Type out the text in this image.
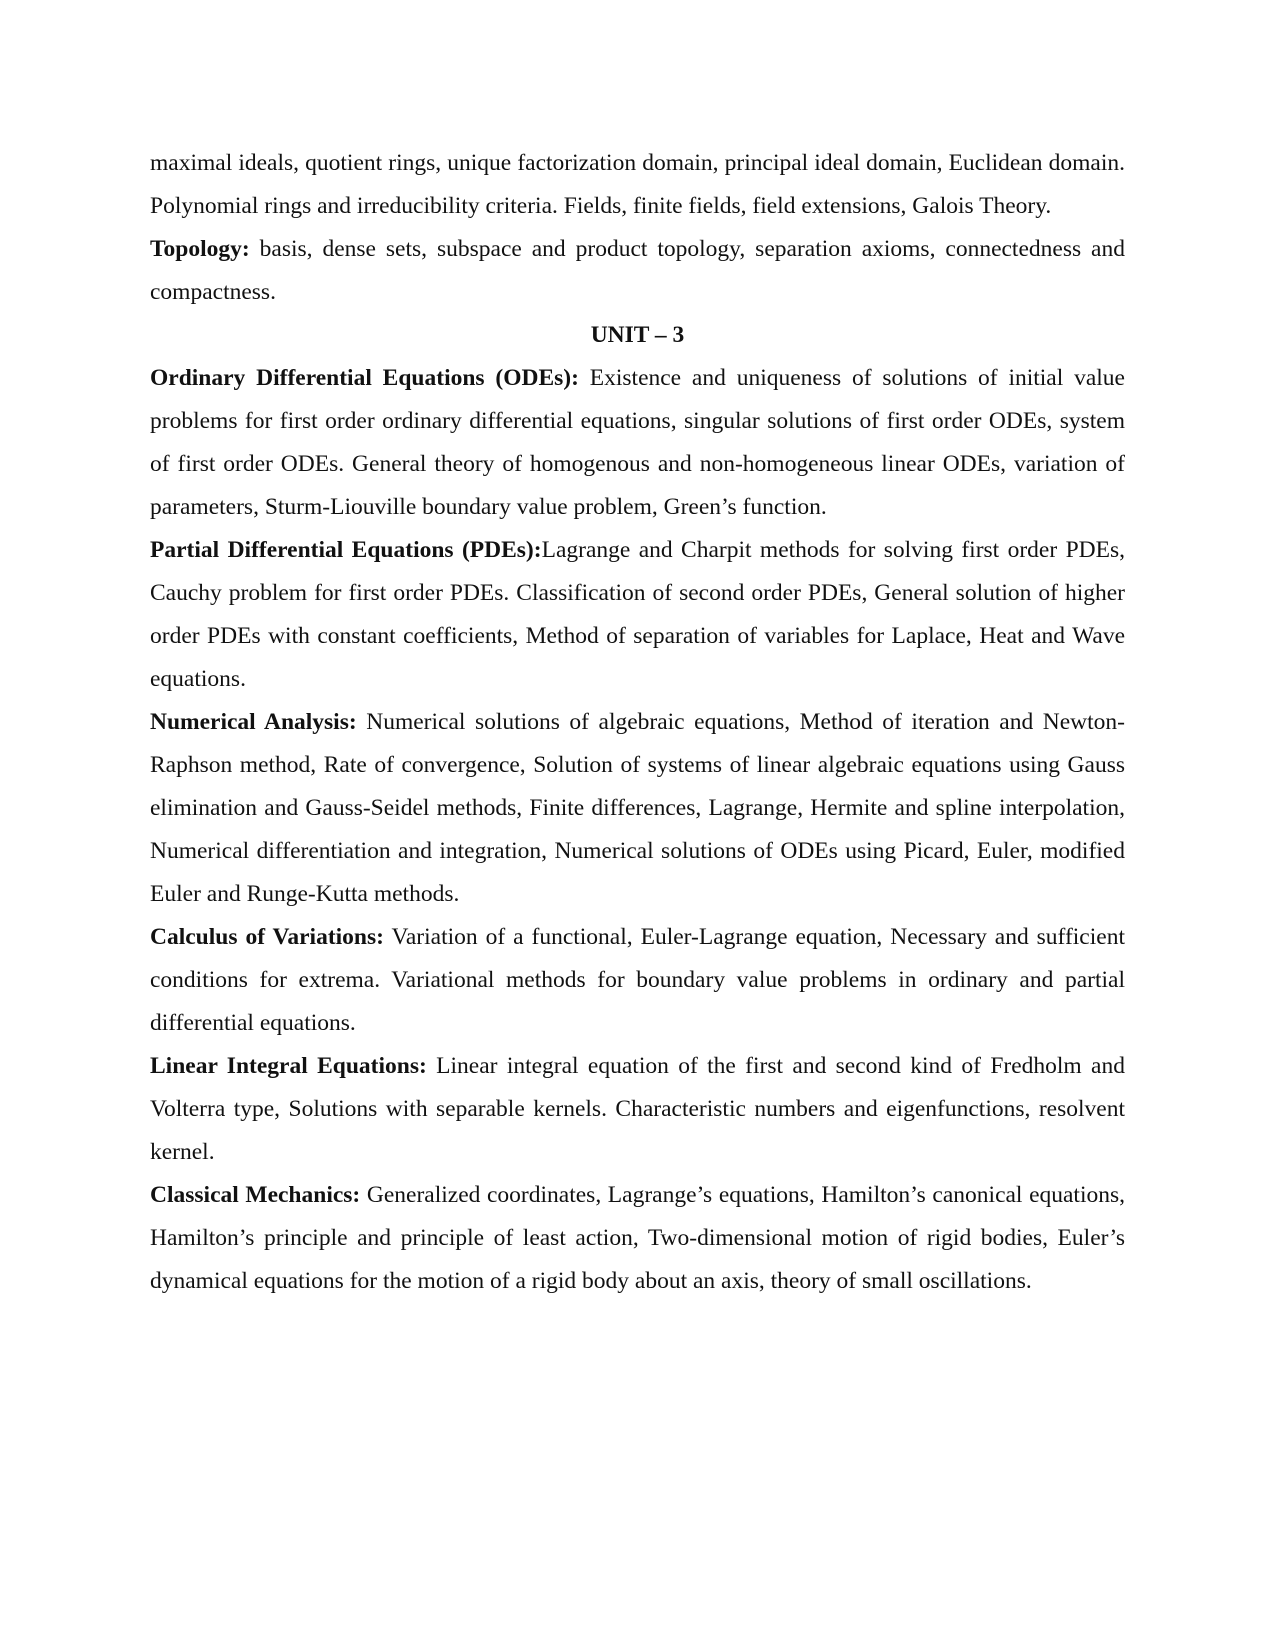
maximal ideals, quotient rings, unique factorization domain, principal ideal domain, Euclidean domain. Polynomial rings and irreducibility criteria. Fields, finite fields, field extensions, Galois Theory.

Topology: basis, dense sets, subspace and product topology, separation axioms, connectedness and compactness.

UNIT – 3

Ordinary Differential Equations (ODEs): Existence and uniqueness of solutions of initial value problems for first order ordinary differential equations, singular solutions of first order ODEs, system of first order ODEs. General theory of homogenous and non-homogeneous linear ODEs, variation of parameters, Sturm-Liouville boundary value problem, Green’s function.

Partial Differential Equations (PDEs):Lagrange and Charpit methods for solving first order PDEs, Cauchy problem for first order PDEs. Classification of second order PDEs, General solution of higher order PDEs with constant coefficients, Method of separation of variables for Laplace, Heat and Wave equations.

Numerical Analysis: Numerical solutions of algebraic equations, Method of iteration and Newton-Raphson method, Rate of convergence, Solution of systems of linear algebraic equations using Gauss elimination and Gauss-Seidel methods, Finite differences, Lagrange, Hermite and spline interpolation, Numerical differentiation and integration, Numerical solutions of ODEs using Picard, Euler, modified Euler and Runge-Kutta methods.

Calculus of Variations: Variation of a functional, Euler-Lagrange equation, Necessary and sufficient conditions for extrema. Variational methods for boundary value problems in ordinary and partial differential equations.

Linear Integral Equations: Linear integral equation of the first and second kind of Fredholm and Volterra type, Solutions with separable kernels. Characteristic numbers and eigenfunctions, resolvent kernel.

Classical Mechanics: Generalized coordinates, Lagrange’s equations, Hamilton’s canonical equations, Hamilton’s principle and principle of least action, Two-dimensional motion of rigid bodies, Euler’s dynamical equations for the motion of a rigid body about an axis, theory of small oscillations.
